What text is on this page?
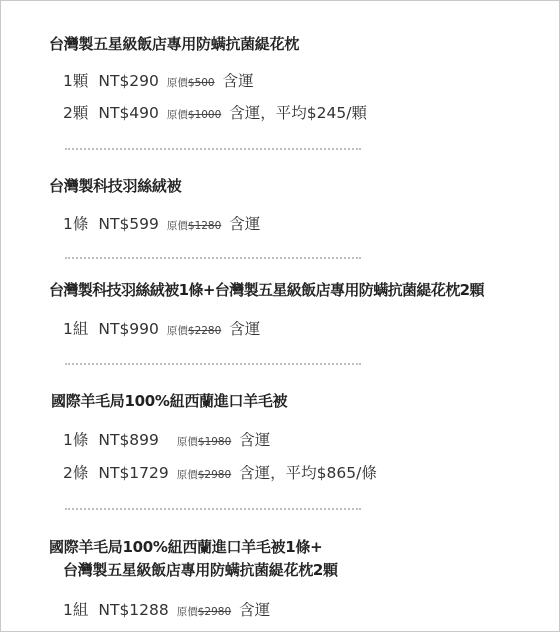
台灣製五星級飯店專用防螨抗菌緹花枕
1顆 NT$290 原價$500 含運
2顆 NT$490 原價$1000 含運，平均$245/顆
台灣製科技羽絲絨被
1條 NT$599 原價$1280 含運
台灣製科技羽絲絨被1條+台灣製五星級飯店專用防螨抗菌緹花枕2顆
1組 NT$990 原價$2280 含運
國際羊毛局100%紐西蘭進口羊毛被
1條 NT$899 原價$1980 含運
2條 NT$1729 原價$2980 含運，平均$865/條
國際羊毛局100%紐西蘭進口羊毛被1條+
台灣製五星級飯店專用防螨抗菌緹花枕2顆
1組 NT$1288 原價$2980 含運
